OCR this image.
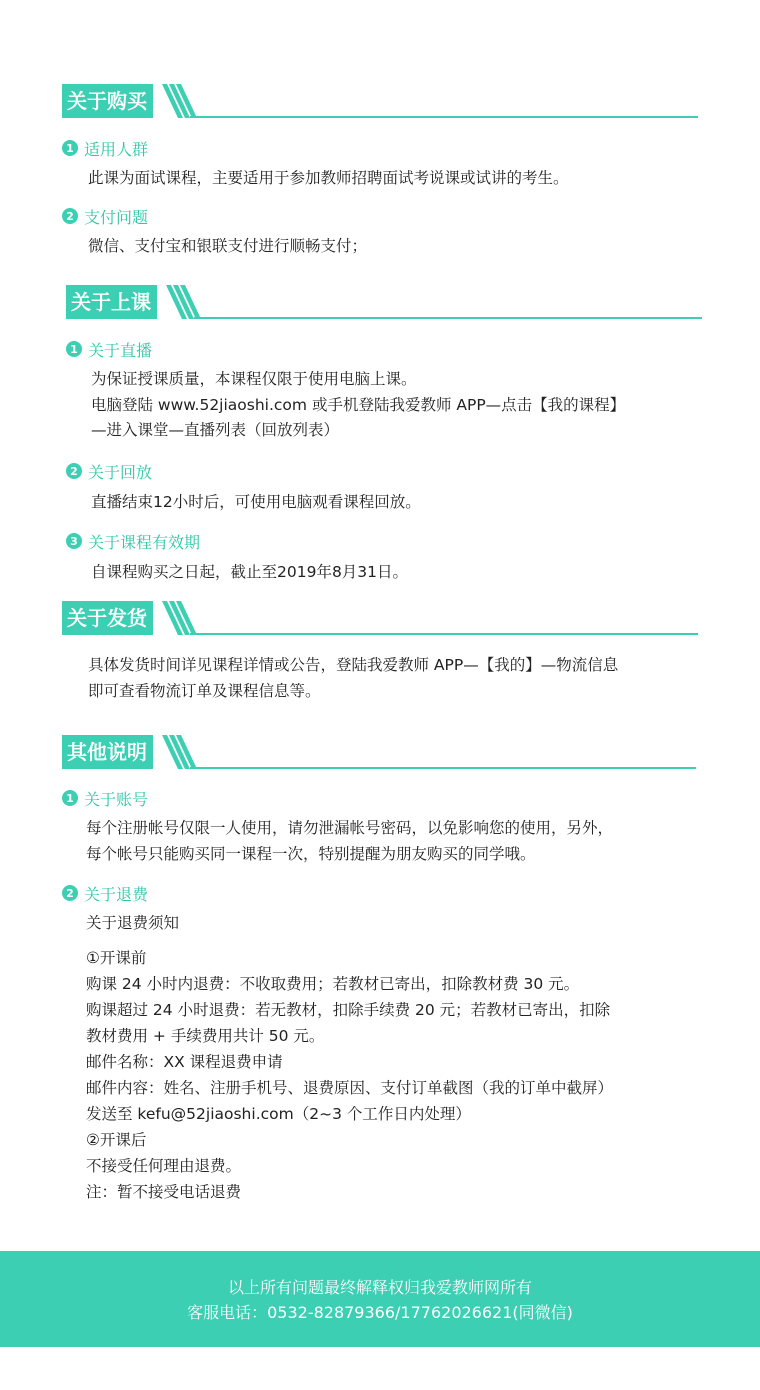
关于购买
1 适用人群
此课为面试课程，主要适用于参加教师招聘面试考说课或试讲的考生。
2 支付问题
微信、支付宝和银联支付进行顺畅支付；
关于上课
1 关于直播
为保证授课质量，本课程仅限于使用电脑上课。
电脑登陆 www.52jiaoshi.com 或手机登陆我爱教师 APP—点击【我的课程】
—进入课堂—直播列表（回放列表）
2 关于回放
直播结束12小时后，可使用电脑观看课程回放。
3 关于课程有效期
自课程购买之日起，截止至2019年8月31日。
关于发货
具体发货时间详见课程详情或公告，登陆我爱教师 APP—【我的】—物流信息
即可查看物流订单及课程信息等。
其他说明
1 关于账号
每个注册帐号仅限一人使用，请勿泄漏帐号密码，以免影响您的使用，另外，
每个帐号只能购买同一课程一次，特别提醒为朋友购买的同学哦。
2 关于退费
关于退费须知
①开课前
购课 24 小时内退费：不收取费用；若教材已寄出，扣除教材费 30 元。
购课超过 24 小时退费：若无教材，扣除手续费 20 元；若教材已寄出，扣除
教材费用 + 手续费用共计 50 元。
邮件名称：XX 课程退费申请
邮件内容：姓名、注册手机号、退费原因、支付订单截图（我的订单中截屏）
发送至 kefu@52jiaoshi.com（2~3 个工作日内处理）
②开课后
不接受任何理由退费。
注：暂不接受电话退费
以上所有问题最终解释权归我爱教师网所有
客服电话：0532-82879366/17762026621(同微信)
